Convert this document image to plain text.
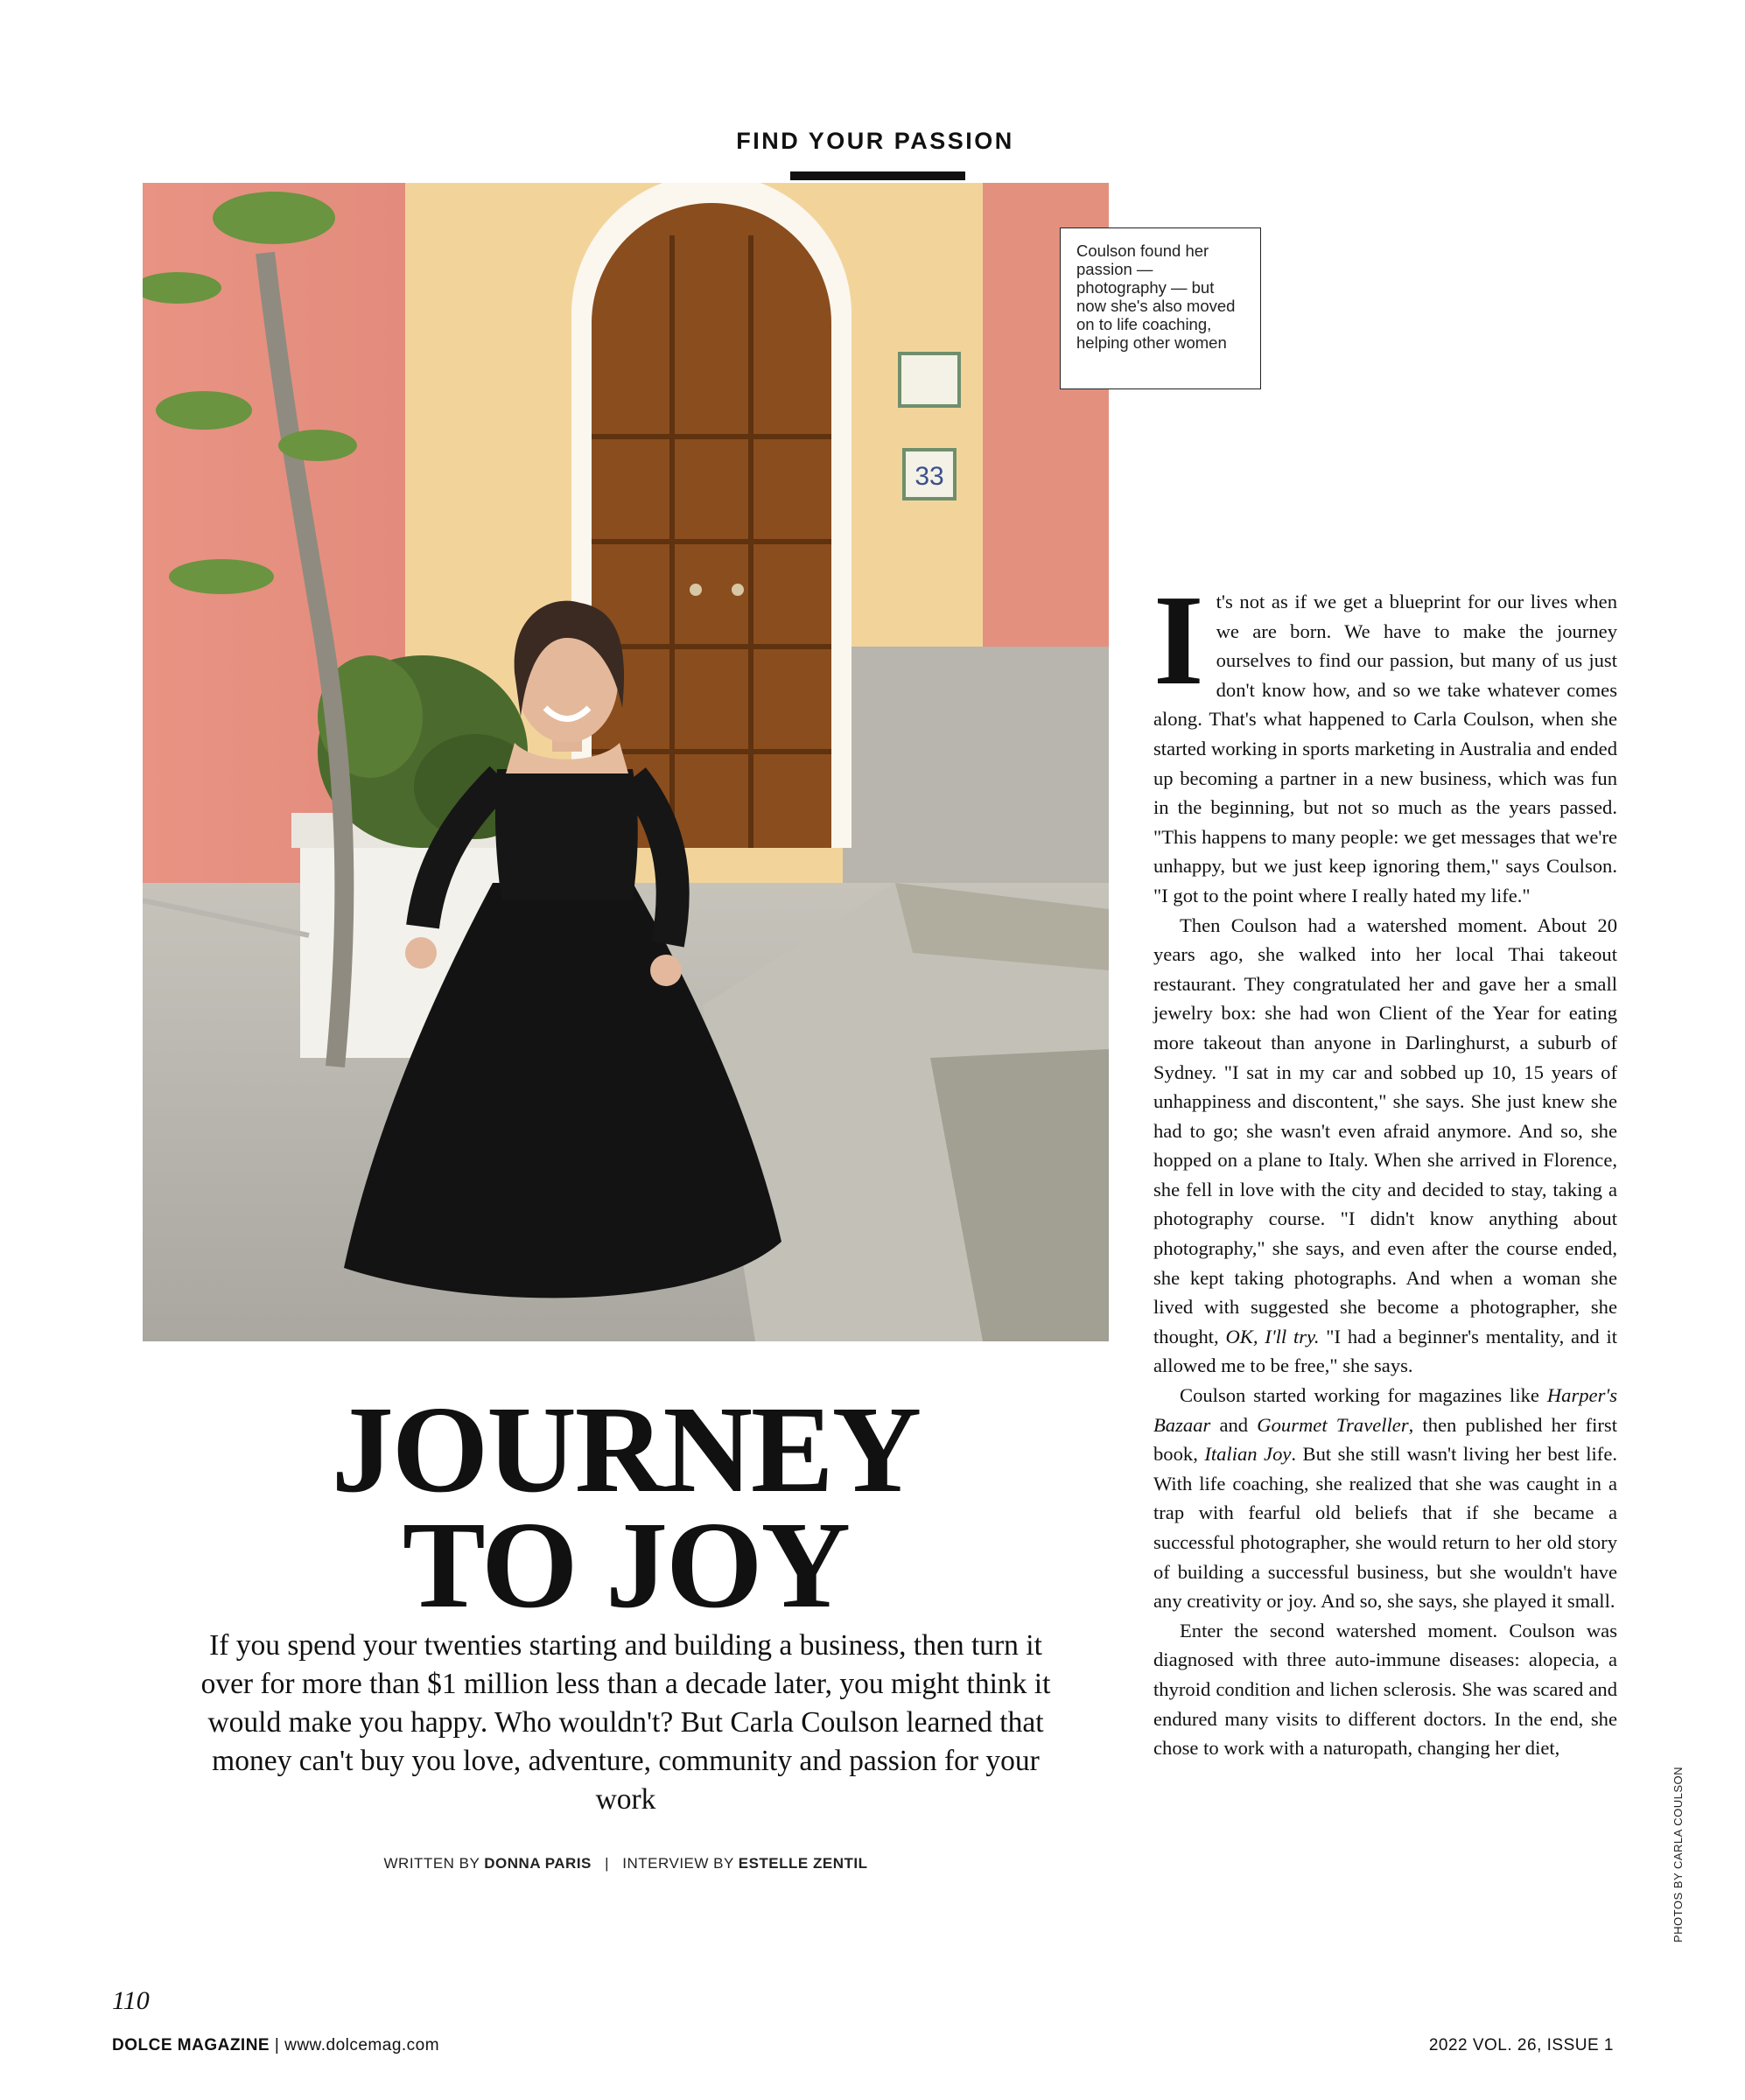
FIND YOUR PASSION
33
Coulson found her passion — photography — but now she's also moved on to life coaching, helping other women
JOURNEY
TO JOY
If you spend your twenties starting and building a business, then turn it over for more than $1 million less than a decade later, you might think it would make you happy. Who wouldn't? But Carla Coulson learned that money can't buy you love, adventure, community and passion for your work
WRITTEN BY DONNA PARIS | INTERVIEW BY ESTELLE ZENTIL

It's not as if we get a blueprint for our lives when we are born. We have to make the journey ourselves to find our passion, but many of us just don't know how, and so we take whatever comes along. That's what happened to Carla Coulson, when she started working in sports marketing in Australia and ended up becoming a partner in a new business, which was fun in the beginning, but not so much as the years passed. "This happens to many people: we get messages that we're unhappy, but we just keep ignoring them," says Coulson. "I got to the point where I really hated my life."

Then Coulson had a watershed moment. About 20 years ago, she walked into her local Thai takeout restaurant. They congratulated her and gave her a small jewelry box: she had won Client of the Year for eating more takeout than anyone in Darlinghurst, a suburb of Sydney. "I sat in my car and sobbed up 10, 15 years of unhappiness and discontent," she says. She just knew she had to go; she wasn't even afraid anymore. And so, she hopped on a plane to Italy. When she arrived in Florence, she fell in love with the city and decided to stay, taking a photography course. "I didn't know anything about photography," she says, and even after the course ended, she kept taking photographs. And when a woman she lived with suggested she become a photographer, she thought, OK, I'll try. "I had a beginner's mentality, and it allowed me to be free," she says.

Coulson started working for magazines like Harper's Bazaar and Gourmet Traveller, then published her first book, Italian Joy. But she still wasn't living her best life. With life coaching, she realized that she was caught in a trap with fearful old beliefs that if she became a successful photographer, she would return to her old story of building a successful business, but she wouldn't have any creativity or joy. And so, she says, she played it small.

Enter the second watershed moment. Coulson was diagnosed with three auto-immune diseases: alopecia, a thyroid condition and lichen sclerosis. She was scared and endured many visits to different doctors. In the end, she chose to work with a naturopath, changing her diet,

PHOTOS BY CARLA COULSON
110
DOLCE MAGAZINE | www.dolcemag.com	2022 VOL. 26, ISSUE 1
